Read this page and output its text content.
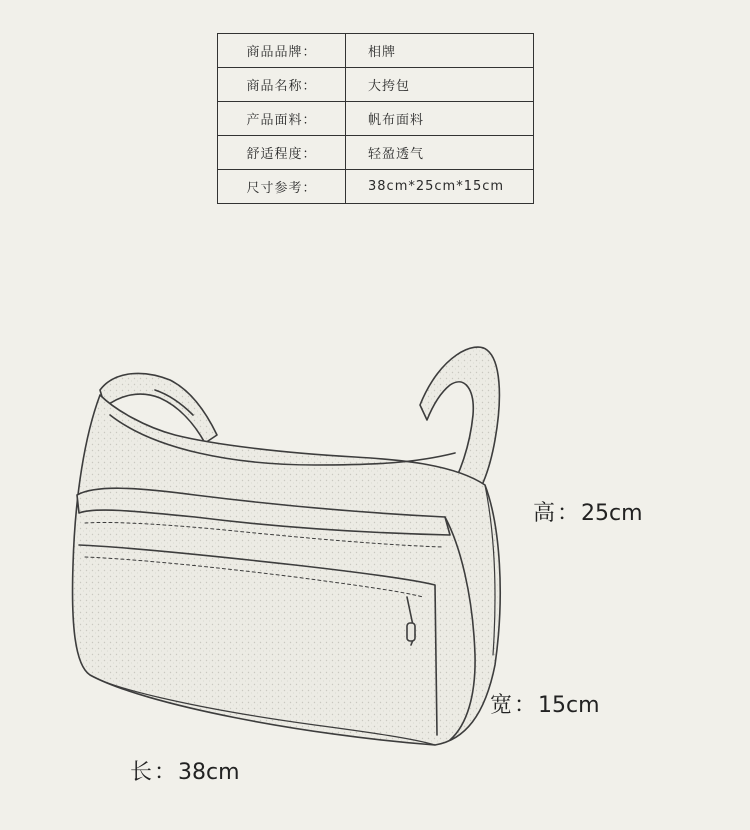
商品品牌：	相牌
商品名称：	大挎包
产品面料：	帆布面料
舒适程度：	轻盈透气
尺寸参考：	38cm*25cm*15cm
高：25cm
宽：15cm
长：38cm
